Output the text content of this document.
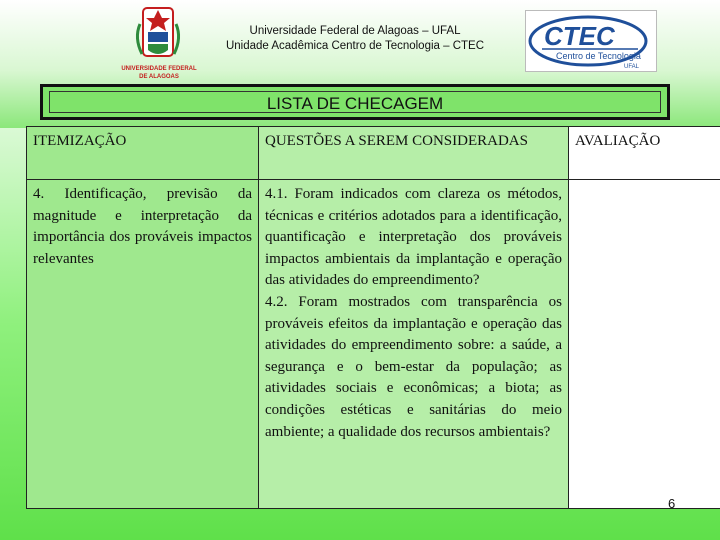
UNIVERSIDADE FEDERAL
DE ALAGOAS
Universidade Federal de Alagoas – UFAL
Unidade Acadêmica Centro de Tecnologia – CTEC	CTEC
Centro de Tecnologia
UFAL
LISTA DE CHECAGEM
ITEMIZAÇÃO	QUESTÕES A SEREM CONSIDERADAS	AVALIAÇÃO

4. Identificação, previsão da magnitude e interpretação da importância dos prováveis impactos relevantes	4.1. Foram indicados com clareza os métodos, técnicas e critérios adotados para a identificação, quantificação e interpretação dos prováveis impactos ambientais da implantação e operação das atividades do empreendimento?

4.2. Foram mostrados com transparência os prováveis efeitos da implantação e operação das atividades do empreendimento sobre: a saúde, a segurança e o bem-estar da população; as atividades sociais e econômicas; a biota; as condições estéticas e sanitárias do meio ambiente; a qualidade dos recursos ambientais?	

6
